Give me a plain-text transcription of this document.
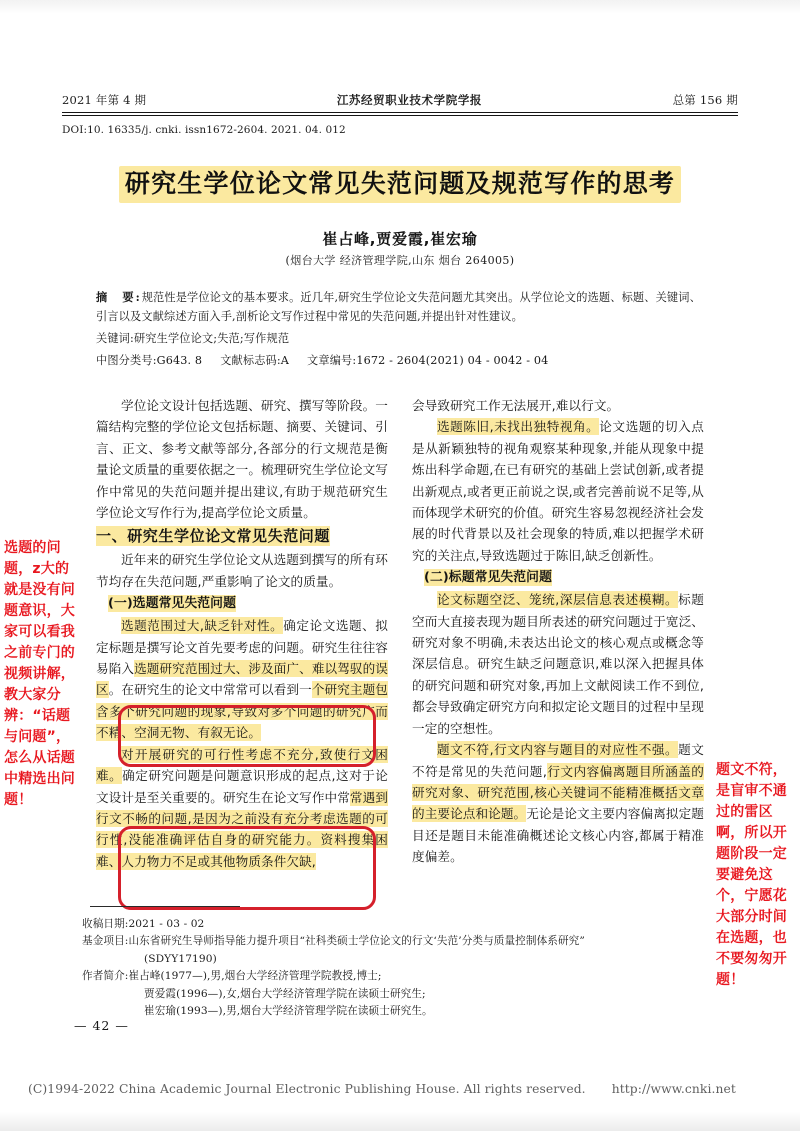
2021 年第 4 期	江苏经贸职业技术学院学报	总第 156 期
DOI:10. 16335/j. cnki. issn1672-2604. 2021. 04. 012
研究生学位论文常见失范问题及规范写作的思考
崔占峰,贾爱霞,崔宏瑜
(烟台大学 经济管理学院,山东 烟台 264005)
摘　要:规范性是学位论文的基本要求。近几年,研究生学位论文失范问题尤其突出。从学位论文的选题、标题、关键词、引言以及文献综述方面入手,剖析论文写作过程中常见的失范问题,并提出针对性建议。
关键词:研究生学位论文;失范;写作规范
中图分类号:G643. 8 文献标志码:A 文章编号:1672 - 2604(2021) 04 - 0042 - 04

学位论文设计包括选题、研究、撰写等阶段。一篇结构完整的学位论文包括标题、摘要、关键词、引言、正文、参考文献等部分,各部分的行文规范是衡量论文质量的重要依据之一。梳理研究生学位论文写作中常见的失范问题并提出建议,有助于规范研究生学位论文写作行为,提高学位论文质量。

一、研究生学位论文常见失范问题

近年来的研究生学位论文从选题到撰写的所有环节均存在失范问题,严重影响了论文的质量。

(一)选题常见失范问题

选题范围过大,缺乏针对性。确定论文选题、拟定标题是撰写论文首先要考虑的问题。研究生往往容易陷入选题研究范围过大、涉及面广、难以驾驭的误区。在研究生的论文中常常可以看到一个研究主题包含多个研究问题的现象,导致对多个问题的研究广而不精、空洞无物、有叙无论。

对开展研究的可行性考虑不充分,致使行文困难。确定研究问题是问题意识形成的起点,这对于论文设计是至关重要的。研究生在论文写作中常常遇到行文不畅的问题,是因为之前没有充分考虑选题的可行性,没能准确评估自身的研究能力。资料搜集困难、人力物力不足或其他物质条件欠缺,

会导致研究工作无法展开,难以行文。

选题陈旧,未找出独特视角。论文选题的切入点是从新颖独特的视角观察某种现象,并能从现象中提炼出科学命题,在已有研究的基础上尝试创新,或者提出新观点,或者更正前说之误,或者完善前说不足等,从而体现学术研究的价值。研究生容易忽视经济社会发展的时代背景以及社会现象的特质,难以把握学术研究的关注点,导致选题过于陈旧,缺乏创新性。

(二)标题常见失范问题

论文标题空泛、笼统,深层信息表述模糊。标题空而大直接表现为题目所表述的研究问题过于宽泛、研究对象不明确,未表达出论文的核心观点或概念等深层信息。研究生缺乏问题意识,难以深入把握具体的研究问题和研究对象,再加上文献阅读工作不到位,都会导致确定研究方向和拟定论文题目的过程中呈现一定的空想性。

题文不符,行文内容与题目的对应性不强。题文不符是常见的失范问题,行文内容偏离题目所涵盖的研究对象、研究范围,核心关键词不能精准概括文章的主要论点和论题。无论是论文主要内容偏离拟定题目还是题目未能准确概述论文核心内容,都属于精准度偏差。

选题的问题，z大的就是没有问题意识，大家可以看我之前专门的视频讲解，教大家分辨：“话题与问题”，怎么从话题中精选出问题！
题文不符，是盲审不通过的雷区啊，所以开题阶段一定要避免这个，宁愿花大部分时间在选题，也不要匆匆开题！
收稿日期:2021 - 03 - 02
基金项目:山东省研究生导师指导能力提升项目“社科类硕士学位论文的行文‘失范’分类与质量控制体系研究”
(SDYY17190)
作者简介:崔占峰(1977—),男,烟台大学经济管理学院教授,博士;
贾爱霞(1996—),女,烟台大学经济管理学院在读硕士研究生;
崔宏瑜(1993—),男,烟台大学经济管理学院在读硕士研究生。
— 42 —
(C)1994-2022 China Academic Journal Electronic Publishing House. All rights reserved. http://www.cnki.net
